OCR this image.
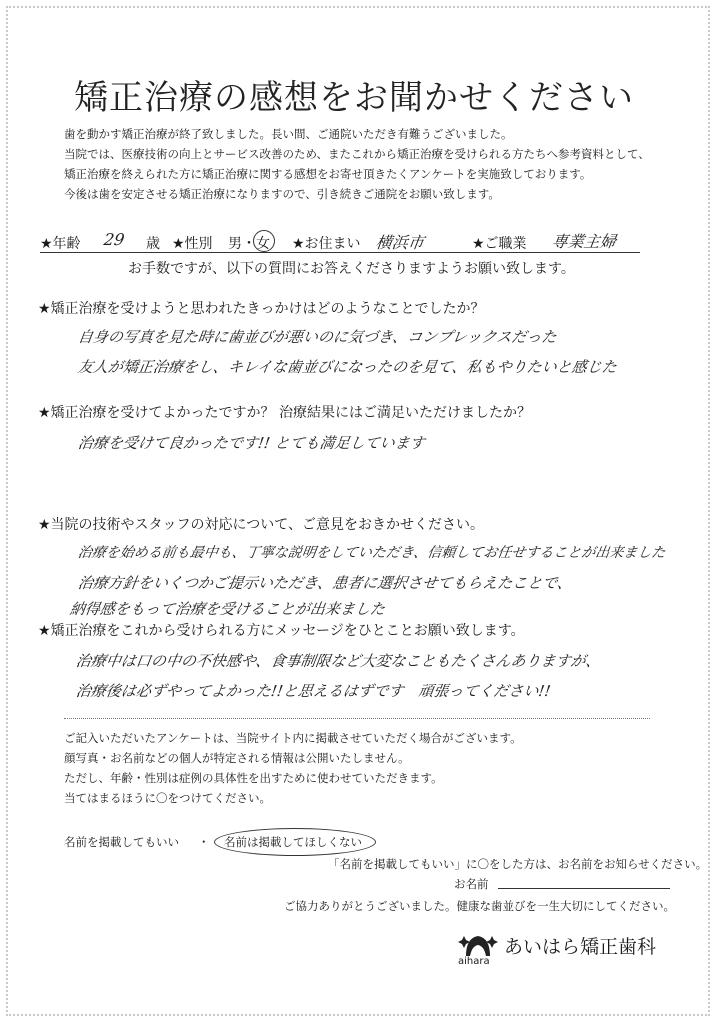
矯正治療の感想をお聞かせください
歯を動かす矯正治療が終了致しました。長い間、ご通院いただき有難うございました。
当院では、医療技術の向上とサービス改善のため、またこれから矯正治療を受けられる方たちへ参考資料として、
矯正治療を終えられた方に矯正治療に関する感想をお寄せ頂きたくアンケートを実施致しております。
今後は歯を安定させる矯正治療になりますので、引き続きご通院をお願い致します。
★年齢 29 歳 ★性別 男・女 ★お住まい 横浜市	★ご職業 専業主婦
お手数ですが、以下の質問にお答えくださりますようお願い致します。
★矯正治療を受けようと思われたきっかけはどのようなことでしたか？
自身の写真を見た時に歯並びが悪いのに気づき、コンプレックスだった
友人が矯正治療をし、キレイな歯並びになったのを見て、私もやりたいと感じた
★矯正治療を受けてよかったですか？ 治療結果にはご満足いただけましたか？
治療を受けて良かったです!! とても満足しています
★当院の技術やスタッフの対応について、ご意見をおきかせください。
治療を始める前も最中も、丁寧な説明をしていただき、信頼してお任せすることが出来ました
治療方針をいくつかご提示いただき、患者に選択させてもらえたことで、
納得感をもって治療を受けることが出来ました
★矯正治療をこれから受けられる方にメッセージをひとことお願い致します。
治療中は口の中の不快感や、食事制限など大変なこともたくさんありますが、
治療後は必ずやってよかった!!と思えるはずです　頑張ってください!!
ご記入いただいたアンケートは、当院サイト内に掲載させていただく場合がございます。
顔写真・お名前などの個人が特定される情報は公開いたしません。
ただし、年齢・性別は症例の具体性を出すために使わせていただきます。
当てはまるほうに〇をつけてください。
名前を掲載してもいい ・ 名前は掲載してほしくない
「名前を掲載してもいい」に〇をした方は、お名前をお知らせください。
お名前
ご協力ありがとうございました。健康な歯並びを一生大切にしてください。
aihara
あいはら矯正歯科
